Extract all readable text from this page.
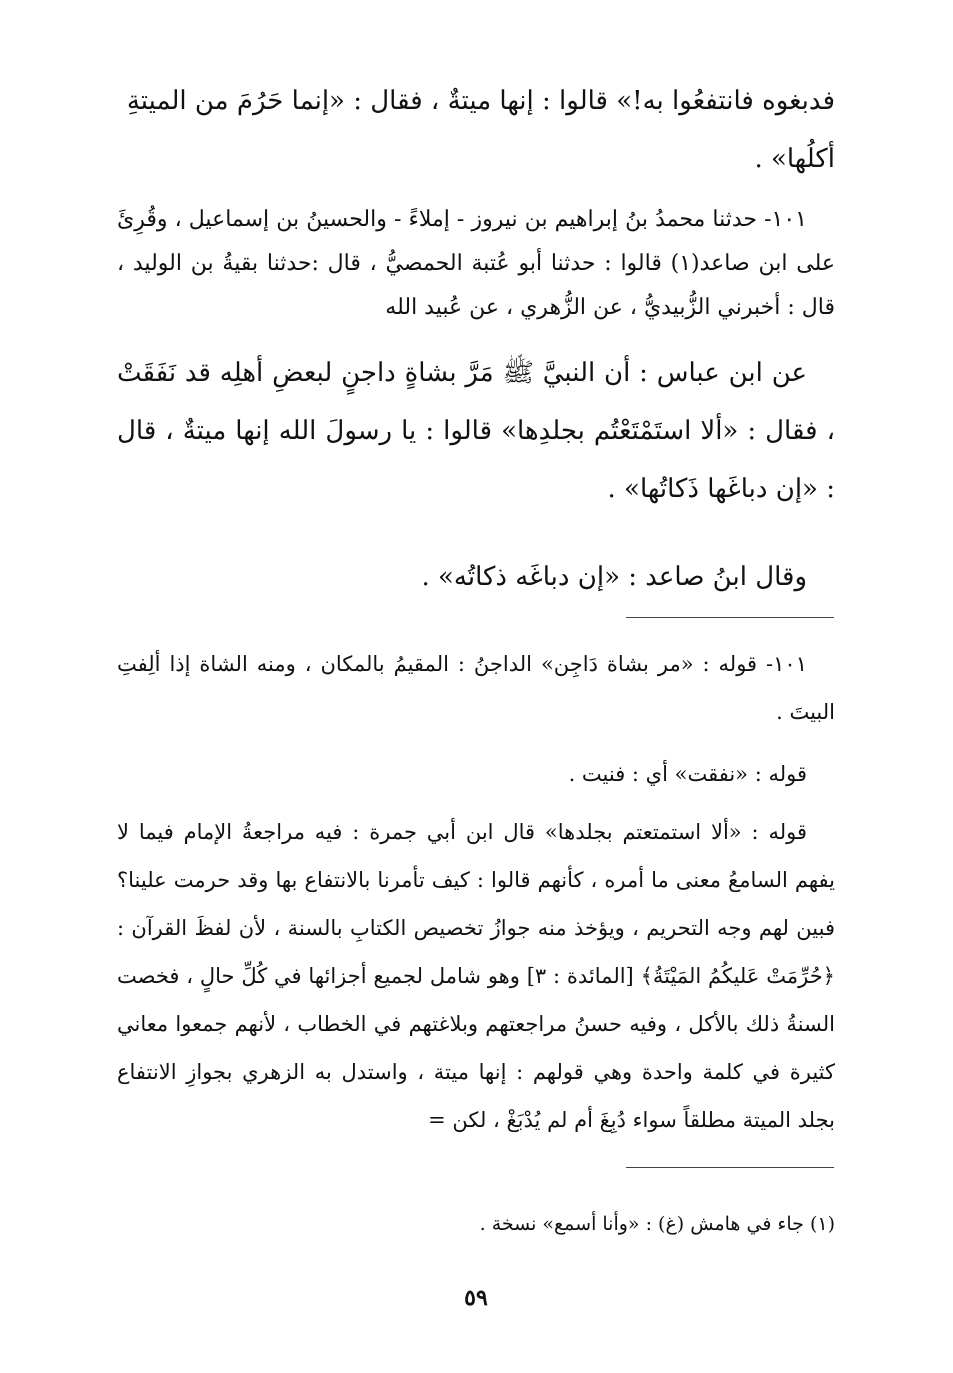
فدبغوه فانتفعُوا به!» قالوا : إنها ميتةٌ ، فقال : «إنما حَرُمَ من الميتةِ
أكلُها» .
١٠١- حدثنا محمدُ بنُ إبراهيم بن نيروز - إملاءً - والحسينُ بن إسماعيل ، وقُرِئَ على ابن صاعد(١) قالوا : حدثنا أبو عُتبة الحمصيُّ ، قال :حدثنا بقيةُ بن الوليد ، قال : أخبرني الزُّبيديُّ ، عن الزُّهري ، عن عُبيد الله
عن ابن عباس : أن النبيَّ ﷺ مَرَّ بشاةٍ داجنٍ لبعضِ أهلِه قد نَفَقَتْ ، فقال : «ألا استَمْتَعْتُم بجلدِها» قالوا : يا رسولَ الله إنها ميتةٌ ، قال : «إن دباغَها ذَكاتُها» .
وقال ابنُ صاعد : «إن دباغَه ذكاتُه» .
١٠١- قوله : «مر بشاة دَاجِن» الداجنُ : المقيمُ بالمكان ، ومنه الشاة إذا ألِفتِ البيتَ .
قوله : «نفقت» أي : فنيت .
قوله : «ألا استمتعتم بجلدها» قال ابن أبي جمرة : فيه مراجعةُ الإمام فيما لا يفهم السامعُ معنى ما أمره ، كأنهم قالوا : كيف تأمرنا بالانتفاع بها وقد حرمت علينا؟ فبين لهم وجه التحريم ، ويؤخذ منه جوازُ تخصيص الكتابِ بالسنة ، لأن لفظَ القرآن : ﴿حُرِّمَتْ عَليكُمُ المَيْتَةُ﴾ [المائدة : ٣] وهو شامل لجميع أجزائها في كُلِّ حالٍ ، فخصت السنةُ ذلك بالأكل ، وفيه حسنُ مراجعتهم وبلاغتهم في الخطاب ، لأنهم جمعوا معاني كثيرة في كلمة واحدة وهي قولهم : إنها ميتة ، واستدل به الزهري بجوازِ الانتفاع بجلد الميتة مطلقاً سواء دُبِغَ أم لم يُدْبَغْ ، لكن =
(١) جاء في هامش (غ) : «وأنا أسمع» نسخة .
٥٩
